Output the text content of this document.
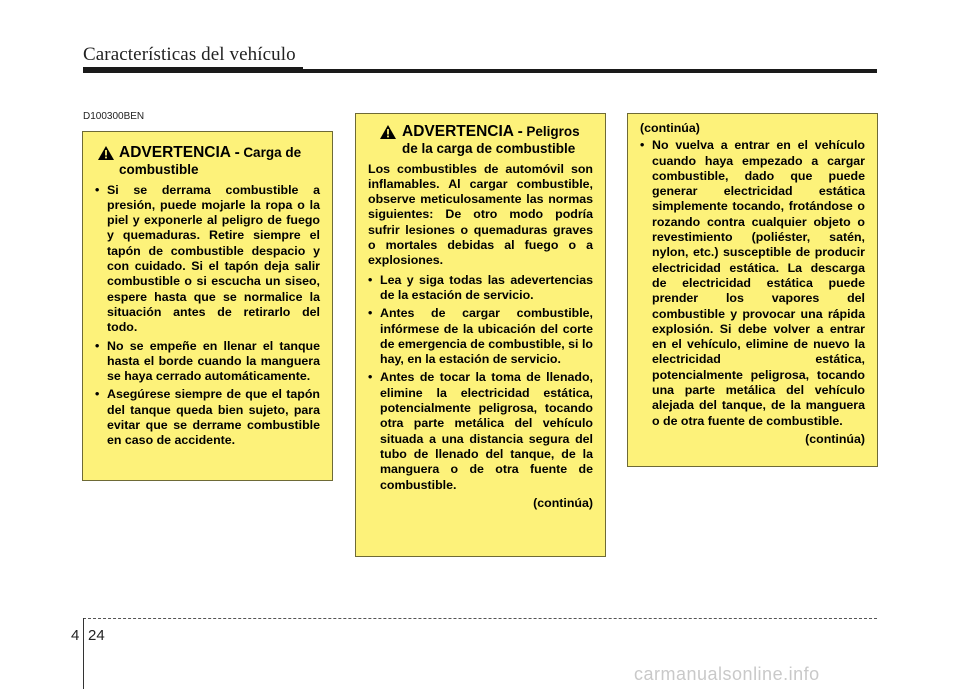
Características del vehículo
D100300BEN
ADVERTENCIA - Carga de
combustible
• Si se derrama combustible a presión, puede mojarle la ropa o la piel y exponerle al peligro de fuego y quemaduras. Retire siempre el tapón de combustible despacio y con cuidado. Si el tapón deja salir combustible o si escucha un siseo, espere hasta que se normalice la situación antes de retirarlo del todo.
• No se empeñe en llenar el tanque hasta el borde cuando la manguera se haya cerrado automáticamente.
• Asegúrese siempre de que el tapón del tanque queda bien sujeto, para evitar que se derrame combustible en caso de accidente.
ADVERTENCIA - Peligros
de la carga de combustible

Los combustibles de automóvil son inflamables. Al cargar combustible, observe meticulosamente las normas siguientes: De otro modo podría sufrir lesiones o quemaduras graves o mortales debidas al fuego o a explosiones.

• Lea y siga todas las adevertencias de la estación de servicio.
• Antes de cargar combustible, infórmese de la ubicación del corte de emergencia de combustible, si lo hay, en la estación de servicio.
• Antes de tocar la toma de llenado, elimine la electricidad estática, potencialmente peligrosa, tocando otra parte metálica del vehículo situada a una distancia segura del tubo de llenado del tanque, de la manguera o de otra fuente de combustible.
(continúa)
(continúa)
• No vuelva a entrar en el vehículo cuando haya empezado a cargar combustible, dado que puede generar electricidad estática simplemente tocando, frotándose o rozando contra cualquier objeto o revestimiento (poliéster, satén, nylon, etc.) susceptible de producir electricidad estática. La descarga de electricidad estática puede prender los vapores del combustible y provocar una rápida explosión. Si debe volver a entrar en el vehículo, elimine de nuevo la electricidad estática, potencialmente peligrosa, tocando una parte metálica del vehículo alejada del tanque, de la manguera o de otra fuente de combustible.
(continúa)
4 24
carmanualsonline.info
